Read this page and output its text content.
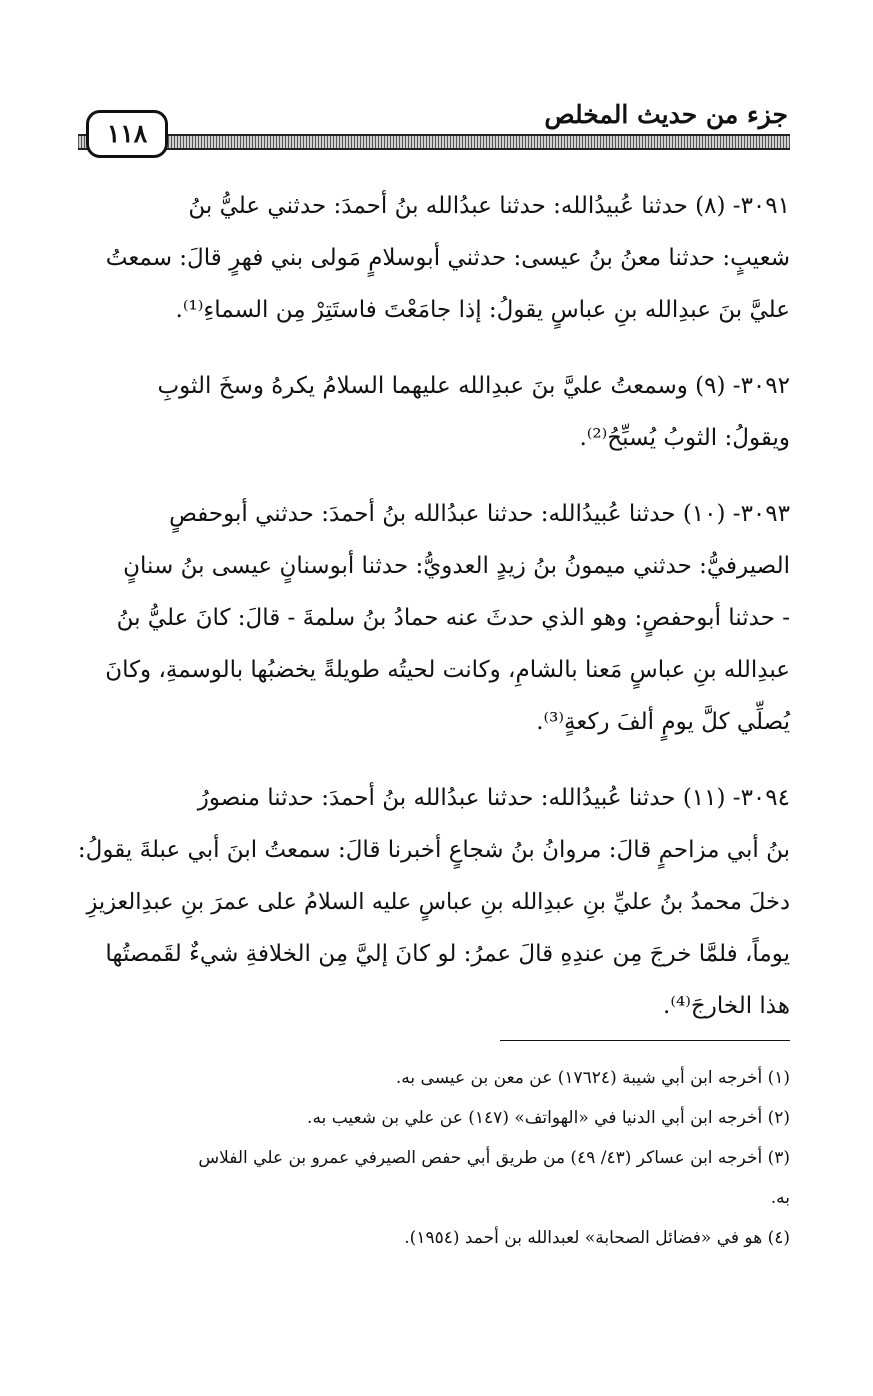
جزء من حديث المخلص
١١٨

٣٠٩١- (٨) حدثنا عُبيدُالله: حدثنا عبدُالله بنُ أحمدَ: حدثني عليُّ بنُ
شعيبٍ: حدثنا معنُ بنُ عيسى: حدثني أبوسلامٍ مَولى بني فهرٍ قالَ: سمعتُ
عليَّ بنَ عبدِالله بنِ عباسٍ يقولُ: إذا جامَعْتَ فاستَتِرْ مِن السماءِ⁽¹⁾.

٣٠٩٢- (٩) وسمعتُ عليَّ بنَ عبدِالله عليهما السلامُ يكرهُ وسخَ الثوبِ
ويقولُ: الثوبُ يُسبِّحُ⁽²⁾.

٣٠٩٣- (١٠) حدثنا عُبيدُالله: حدثنا عبدُالله بنُ أحمدَ: حدثني أبوحفصٍ
الصيرفيُّ: حدثني ميمونُ بنُ زيدٍ العدويُّ: حدثنا أبوسنانٍ عيسى بنُ سنانٍ
- حدثنا أبوحفصٍ: وهو الذي حدثَ عنه حمادُ بنُ سلمةَ - قالَ: كانَ عليُّ بنُ
عبدِالله بنِ عباسٍ مَعنا بالشامِ، وكانت لحيتُه طويلةً يخضبُها بالوسمةِ، وكانَ
يُصلِّي كلَّ يومٍ ألفَ ركعةٍ⁽³⁾.

٣٠٩٤- (١١) حدثنا عُبيدُالله: حدثنا عبدُالله بنُ أحمدَ: حدثنا منصورُ
بنُ أبي مزاحمٍ قالَ: مروانُ بنُ شجاعٍ أخبرنا قالَ: سمعتُ ابنَ أبي عبلةَ يقولُ:
دخلَ محمدُ بنُ عليِّ بنِ عبدِالله بنِ عباسٍ عليه السلامُ على عمرَ بنِ عبدِالعزيزِ
يوماً، فلمَّا خرجَ مِن عندِهِ قالَ عمرُ: لو كانَ إليَّ مِن الخلافةِ شيءٌ لقَمصتُها
هذا الخارجَ⁽⁴⁾.

(١) أخرجه ابن أبي شيبة (١٧٦٢٤) عن معن بن عيسى به.
(٢) أخرجه ابن أبي الدنيا في «الهواتف» (١٤٧) عن علي بن شعيب به.
(٣) أخرجه ابن عساكر (٤٣/ ٤٩) من طريق أبي حفص الصيرفي عمرو بن علي الفلاس
به.
(٤) هو في «فضائل الصحابة» لعبدالله بن أحمد (١٩٥٤).
